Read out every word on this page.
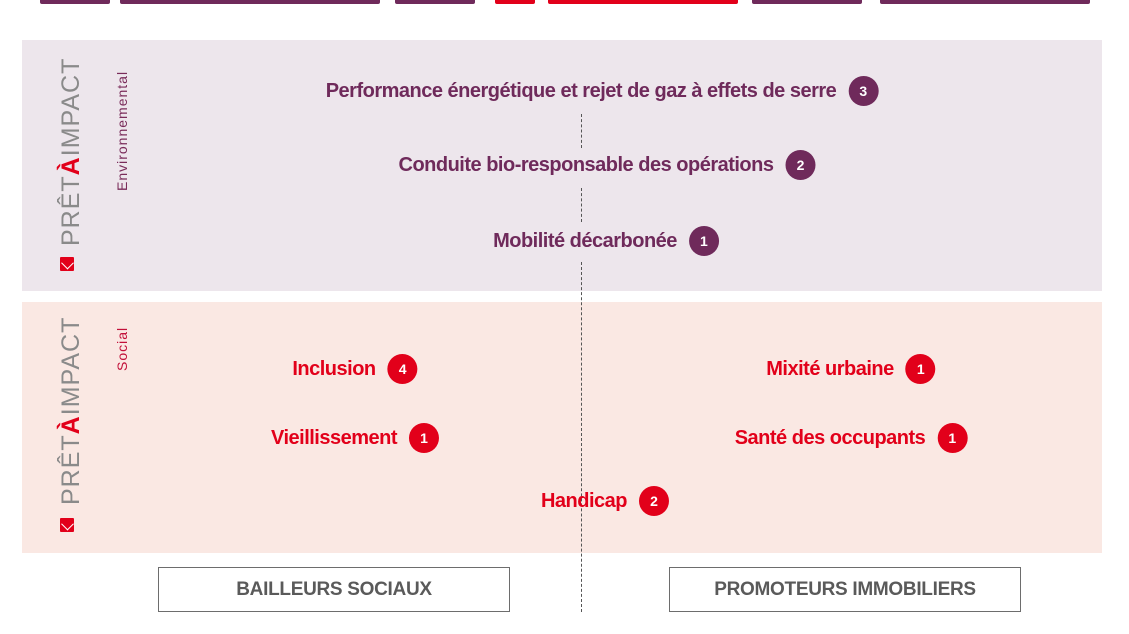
PRÊTÀIMPACT Environnemental
PRÊTÀIMPACT Social
Performance énergétique et rejet de gaz à effets de serre	3
Conduite bio-responsable des opérations	2
Mobilité décarbonée	1
Inclusion	4
Vieillissement	1
Mixité urbaine	1
Santé des occupants	1
Handicap	2
BAILLEURS SOCIAUX	PROMOTEURS IMMOBILIERS
